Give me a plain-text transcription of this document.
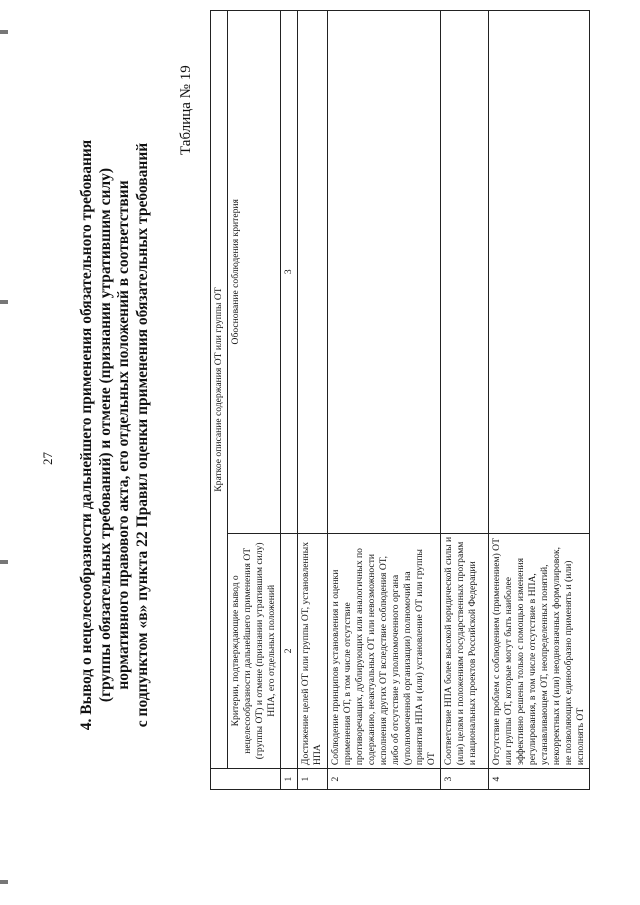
27 4. Вывод о нецелесообразности дальнейшего применения обязательного требования (группы обязательных требований) и отмене (признании утратившим силу) нормативного правового акта, его отдельных положений в соответствии с подпунктом «в» пункта 22 Правил оценки применения обязательных требований
Таблица № 19
	Краткое описание содержания ОТ или группы ОТ	
	Критерии, подтверждающие вывод о нецелесообразности дальнейшего применения ОТ (группы ОТ) и отмене (признании утратившим силу) НПА, его отдельных положений	Обоснование соблюдения критерия
1	2	3
1	Достижение целей ОТ или группы ОТ, установленных НПА	
2	Соблюдение принципов установления и оценки применения ОТ, в том числе отсутствие противоречащих, дублирующих или аналогичных по содержанию, неактуальных ОТ или невозможности исполнения других ОТ вследствие соблюдения ОТ, либо об отсутствие у уполномоченного органа (уполномоченной организации) полномочий на принятия НПА и (или) установление ОТ или группы ОТ	
3	Соответствие НПА более высокой юридической силы и (или) целям и положениям государственных программ и национальных проектов Российской Федерации	
4	Отсутствие проблем с соблюдением (применением) ОТ или группы ОТ, которые могут быть наиболее эффективно решены только с помощью изменения регулирования, в том числе отсутствие в НПА, устанавливающем ОТ, неопределенных понятий, некорректных и (или) неоднозначных формулировок, не позволяющих единообразно применять и (или) исполнять ОТ	
